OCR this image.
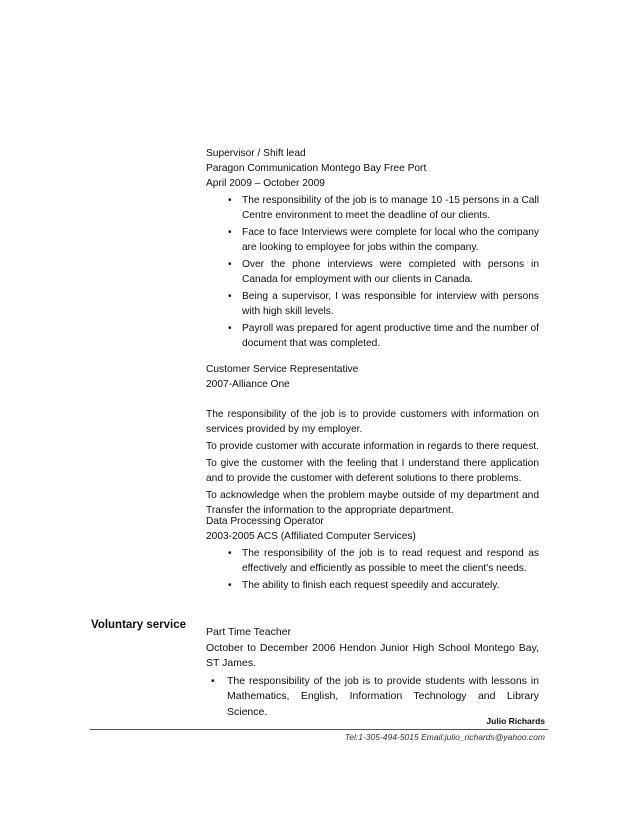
Supervisor / Shift lead
Paragon Communication Montego Bay Free Port
April 2009 – October 2009
• The responsibility of the job is to manage 10 -15 persons in a Call Centre environment to meet the deadline of our clients.
• Face to face Interviews were complete for local who the company are looking to employee for jobs within the company.
• Over the phone interviews were completed with persons in Canada for employment with our clients in Canada.
• Being a supervisor, I was responsible for interview with persons with high skill levels.
• Payroll was prepared for agent productive time and the number of document that was completed.
Customer Service Representative
2007-Alliance One
The responsibility of the job is to provide customers with information on services provided by my employer.
To provide customer with accurate information in regards to there request.
To give the customer with the feeling that I understand there application and to provide the customer with deferent solutions to there problems.
To acknowledge when the problem maybe outside of my department and Transfer the information to the appropriate department.
Data Processing Operator
2003-2005 ACS (Affiliated Computer Services)
• The responsibility of the job is to read request and respond as effectively and efficiently as possible to meet the client's needs.
• The ability to finish each request speedily and accurately.
Voluntary service
Part Time Teacher
October to December 2006 Hendon Junior High School Montego Bay, ST James.
• The responsibility of the job is to provide students with lessons in Mathematics, English, Information Technology and Library Science.
Julio Richards
Tel:1-305-494-5015 Email:julio_richards@yahoo.com
